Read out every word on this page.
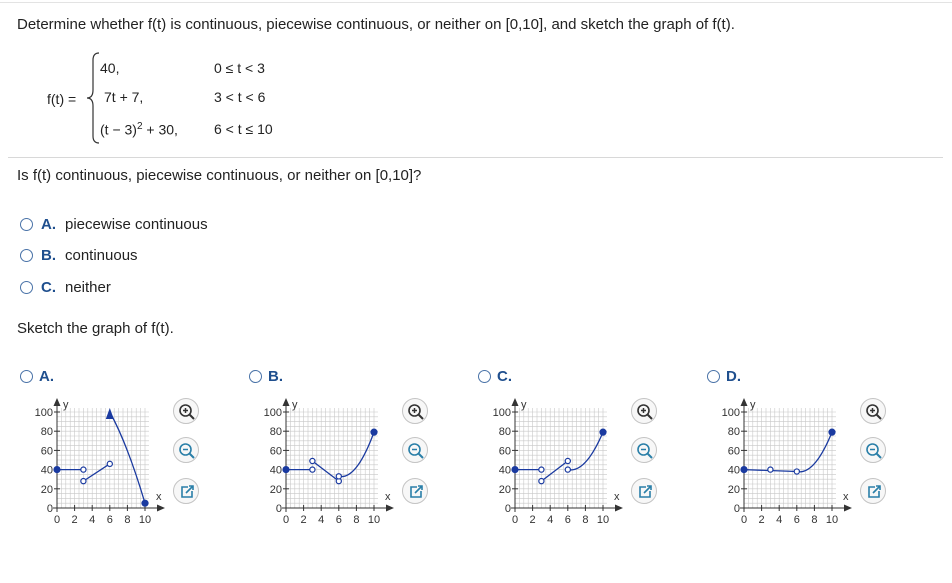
Determine whether f(t) is continuous, piecewise continuous, or neither on [0,10], and sketch the graph of f(t).
f(t) =
40,	0 ≤ t < 3
7t + 7,	3 < t < 6
$(t - 3)^2 + 30$,	6 < t ≤ 10
Is f(t) continuous, piecewise continuous, or neither on [0,10]?
A. piecewise continuous
B. continuous
C. neither
Sketch the graph of f(t).
A.
y
x
100
80
60
40
20
0
0 2 4 6 8 10
B.
y
x
100
80
60
40
20
0
0 2 4 6 8 10
C.
y
x
100
80
60
40
20
0
0 2 4 6 8 10
D.
y
x
100
80
60
40
20
0
0 2 4 6 8 10
